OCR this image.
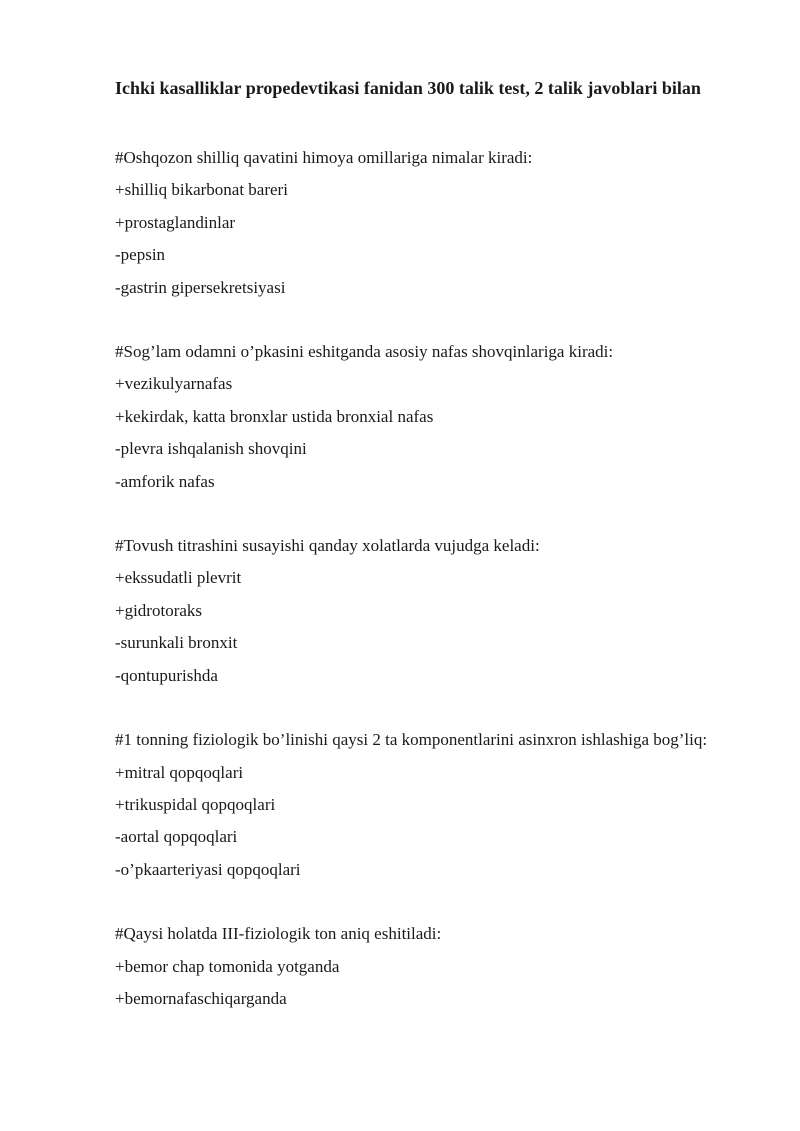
Ichki kasalliklar propedevtikasi fanidan 300 talik test, 2 talik javoblari bilan

#Oshqozon shilliq qavatini himoya omillariga nimalar kiradi:

+shilliq bikarbonat bareri

+prostaglandinlar

-pepsin

-gastrin gipersekretsiyasi

#Sog’lam odamni o’pkasini eshitganda asosiy nafas shovqinlariga kiradi:

+vezikulyarnafas

+kekirdak, katta bronxlar ustida bronxial nafas

-plevra ishqalanish shovqini

-amforik nafas

#Tovush titrashini susayishi qanday xolatlarda vujudga keladi:

+ekssudatli plevrit

+gidrotoraks

-surunkali bronxit

-qontupurishda

#1 tonning fiziologik bo’linishi qaysi 2 ta komponentlarini asinxron ishlashiga bog’liq:

+mitral qopqoqlari

+trikuspidal qopqoqlari

-aortal qopqoqlari

-o’pkaarteriyasi qopqoqlari

#Qaysi holatda III-fiziologik ton aniq eshitiladi:

+bemor chap tomonida yotganda

+bemornafaschiqarganda
